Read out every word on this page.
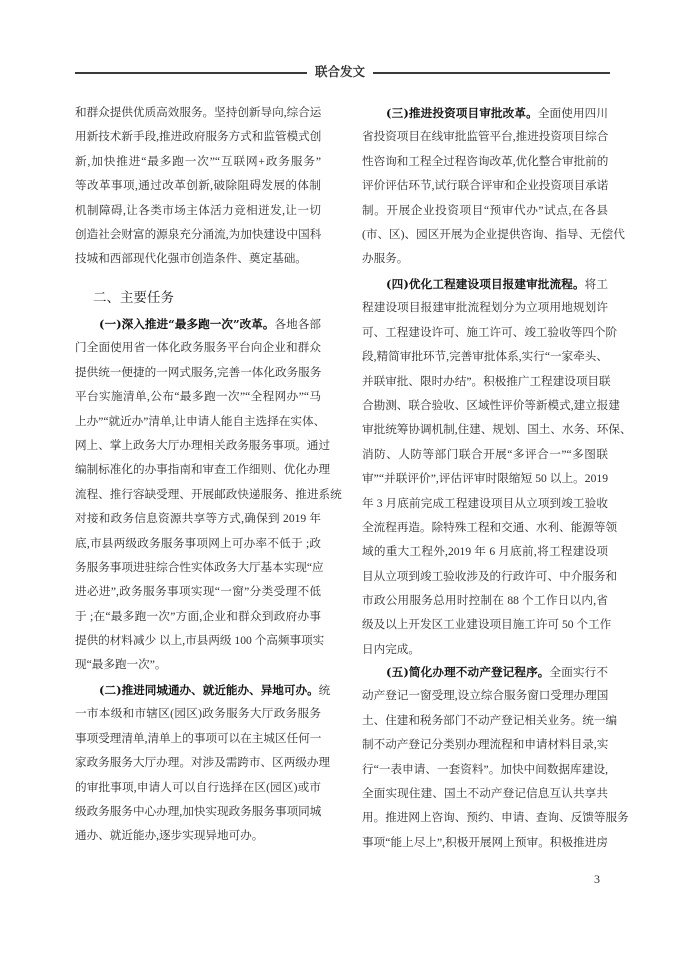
联合发文
和群众提供优质高效服务。坚持创新导向,综合运
用新技术新手段,推进政府服务方式和监管模式创
新,加快推进“最多跑一次”“互联网+政务服务”
等改革事项,通过改革创新,破除阻碍发展的体制
机制障碍,让各类市场主体活力竞相迸发,让一切
创造社会财富的源泉充分涌流,为加快建设中国科
技城和西部现代化强市创造条件、奠定基础。
二、主要任务
(一)深入推进“最多跑一次”改革。各地各部
门全面使用省一体化政务服务平台向企业和群众
提供统一便捷的一网式服务,完善一体化政务服务
平台实施清单,公布“最多跑一次”“全程网办”“马
上办”“就近办”清单,让申请人能自主选择在实体、
网上、掌上政务大厅办理相关政务服务事项。通过
编制标准化的办事指南和审查工作细则、优化办理
流程、推行容缺受理、开展邮政快递服务、推进系统
对接和政务信息资源共享等方式,确保到 2019 年
底,市县两级政务服务事项网上可办率不低于 ;政
务服务事项进驻综合性实体政务大厅基本实现“应
进必进”,政务服务事项实现“一窗”分类受理不低
于 ;在“最多跑一次”方面,企业和群众到政府办事
提供的材料减少 以上,市县两级 100 个高频事项实
现“最多跑一次”。
(二)推进同城通办、就近能办、异地可办。统
一市本级和市辖区(园区)政务服务大厅政务服务
事项受理清单,清单上的事项可以在主城区任何一
家政务服务大厅办理。对涉及需跨市、区两级办理
的审批事项,申请人可以自行选择在区(园区)或市
级政务服务中心办理,加快实现政务服务事项同城
通办、就近能办,逐步实现异地可办。
(三)推进投资项目审批改革。全面使用四川
省投资项目在线审批监管平台,推进投资项目综合
性咨询和工程全过程咨询改革,优化整合审批前的
评价评估环节,试行联合评审和企业投资项目承诺
制。开展企业投资项目“预审代办”试点,在各县
(市、区)、园区开展为企业提供咨询、指导、无偿代
办服务。
(四)优化工程建设项目报建审批流程。将工
程建设项目报建审批流程划分为立项用地规划许
可、工程建设许可、施工许可、竣工验收等四个阶
段,精简审批环节,完善审批体系,实行“一家牵头、
并联审批、限时办结”。积极推广工程建设项目联
合勘测、联合验收、区域性评价等新模式,建立报建
审批统筹协调机制,住建、规划、国土、水务、环保、
消防、人防等部门联合开展“多评合一”“多图联
审”“并联评价”,评估评审时限缩短 50 以上。2019
年 3 月底前完成工程建设项目从立项到竣工验收
全流程再造。除特殊工程和交通、水利、能源等领
域的重大工程外,2019 年 6 月底前,将工程建设项
目从立项到竣工验收涉及的行政许可、中介服务和
市政公用服务总用时控制在 88 个工作日以内,省
级及以上开发区工业建设项目施工许可 50 个工作
日内完成。
(五)简化办理不动产登记程序。全面实行不
动产登记一窗受理,设立综合服务窗口受理办理国
土、住建和税务部门不动产登记相关业务。统一编
制不动产登记分类别办理流程和申请材料目录,实
行“一表申请、一套资料”。加快中间数据库建设,
全面实现住建、国土不动产登记信息互认共享共
用。推进网上咨询、预约、申请、查询、反馈等服务
事项“能上尽上”,积极开展网上预审。积极推进房
3
